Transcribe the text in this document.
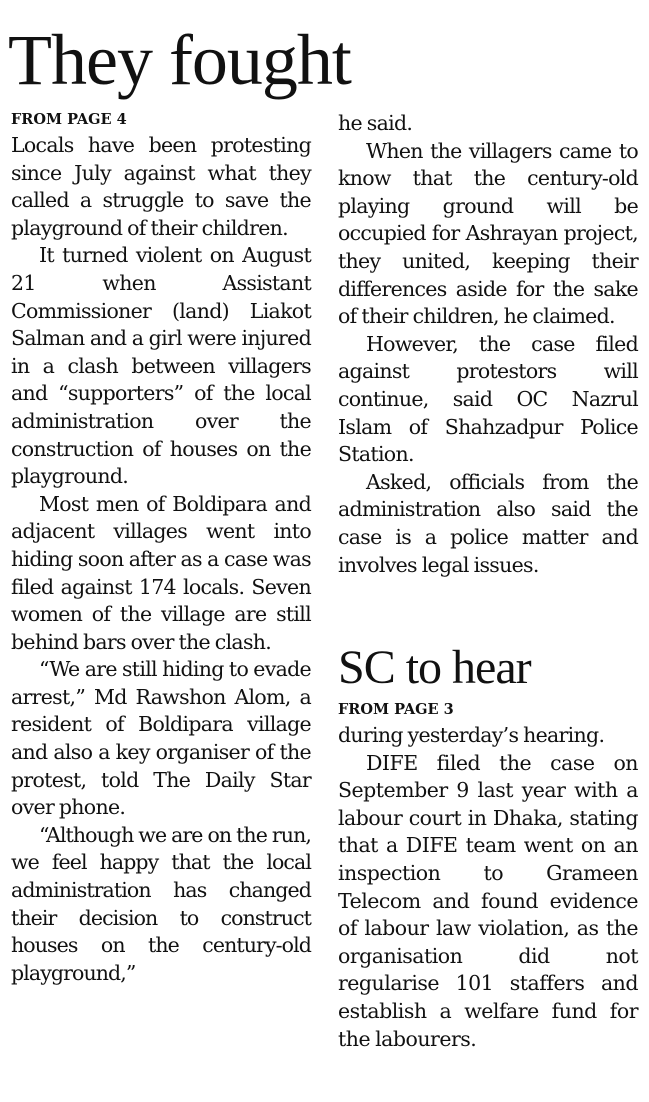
They fought
FROM PAGE 4

Locals have been protesting since July against what they called a struggle to save the playground of their children.

It turned violent on August 21 when Assistant Commissioner (land) Liakot Salman and a girl were injured in a clash between villagers and “supporters” of the local administration over the construction of houses on the playground.

Most men of Boldipara and adjacent villages went into hiding soon after as a case was filed against 174 locals. Seven women of the village are still behind bars over the clash.

“We are still hiding to evade arrest,” Md Rawshon Alom, a resident of Boldipara village and also a key organiser of the protest, told The Daily Star over phone.

“Although we are on the run, we feel happy that the local administration has changed their decision to construct houses on the century-old playground,”

he said.

When the villagers came to know that the century-old playing ground will be occupied for Ashrayan project, they united, keeping their differences aside for the sake of their children, he claimed.

However, the case filed against protestors will continue, said OC Nazrul Islam of Shahzadpur Police Station.

Asked, officials from the administration also said the case is a police matter and involves legal issues.

SC to hear
FROM PAGE 3

during yesterday’s hearing.

DIFE filed the case on September 9 last year with a labour court in Dhaka, stating that a DIFE team went on an inspection to Grameen Telecom and found evidence of labour law violation, as the organisation did not regularise 101 staffers and establish a welfare fund for the labourers.
